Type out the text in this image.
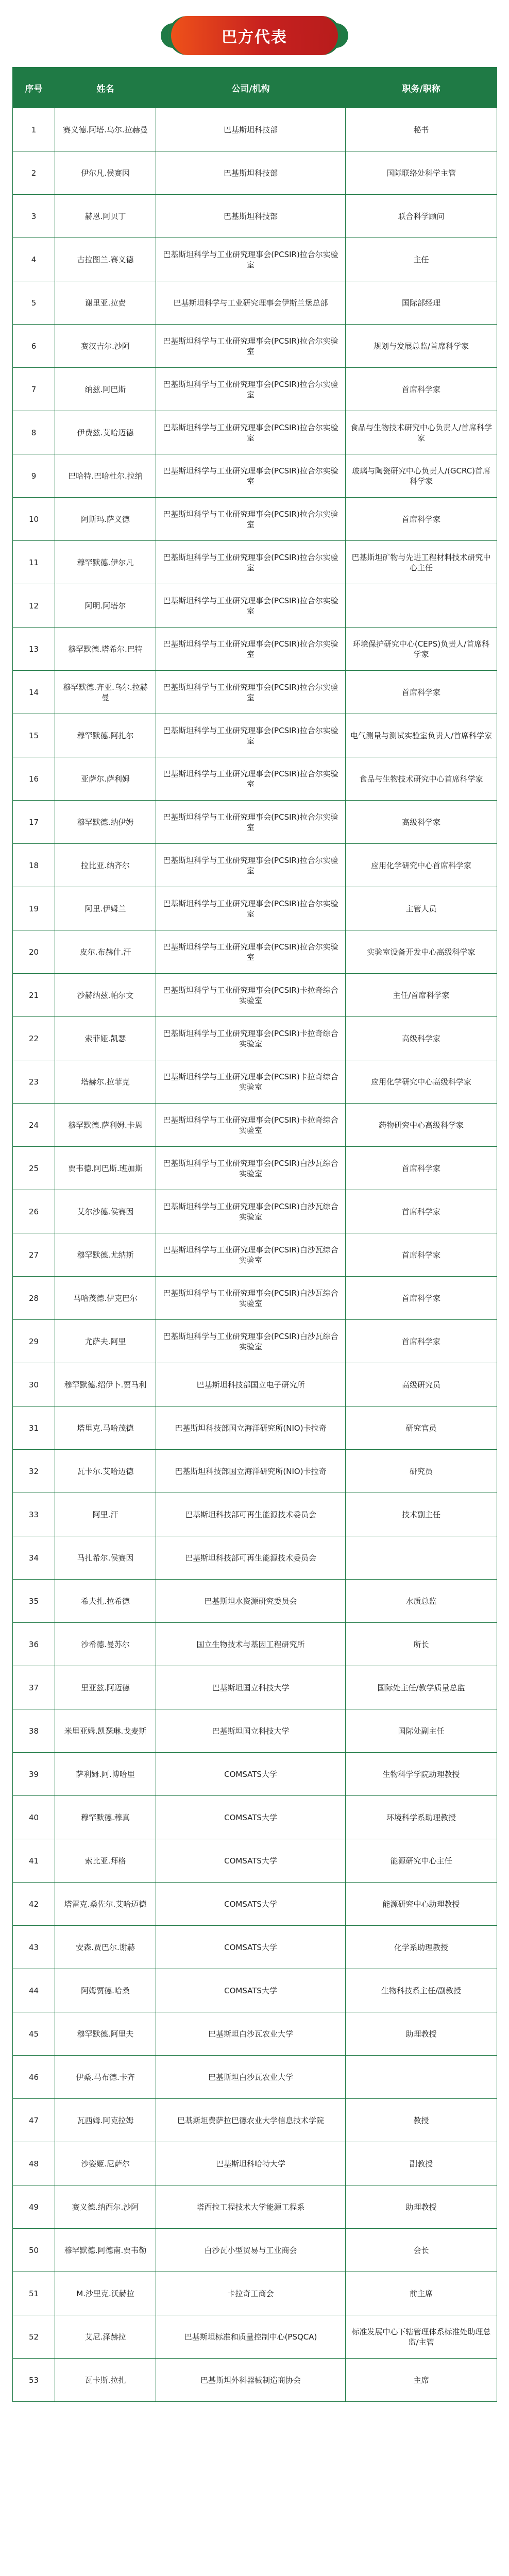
巴方代表
序号	姓名	公司/机构	职务/职称
1	赛义德.阿塔.乌尔.拉赫曼	巴基斯坦科技部	秘书
2	伊尔凡.侯赛因	巴基斯坦科技部	国际联络处科学主管
3	赫恩.阿贝丁	巴基斯坦科技部	联合科学顾问
4	古拉图兰.赛义德	巴基斯坦科学与工业研究理事会(PCSIR)拉合尔实验室	主任
5	谢里亚.拉费	巴基斯坦科学与工业研究理事会伊斯兰堡总部	国际部经理
6	赛汉吉尔.沙阿	巴基斯坦科学与工业研究理事会(PCSIR)拉合尔实验室	规划与发展总监/首席科学家
7	纳兹.阿巴斯	巴基斯坦科学与工业研究理事会(PCSIR)拉合尔实验室	首席科学家
8	伊费兹.艾哈迈德	巴基斯坦科学与工业研究理事会(PCSIR)拉合尔实验室	食品与生物技术研究中心负责人/首席科学家
9	巴哈特.巴哈杜尔.拉纳	巴基斯坦科学与工业研究理事会(PCSIR)拉合尔实验室	玻璃与陶瓷研究中心负责人/(GCRC)首席科学家
10	阿斯玛.萨义德	巴基斯坦科学与工业研究理事会(PCSIR)拉合尔实验室	首席科学家
11	穆罕默德.伊尔凡	巴基斯坦科学与工业研究理事会(PCSIR)拉合尔实验室	巴基斯坦矿物与先进工程材料技术研究中心主任
12	阿明.阿塔尔	巴基斯坦科学与工业研究理事会(PCSIR)拉合尔实验室	
13	穆罕默德.塔希尔.巴特	巴基斯坦科学与工业研究理事会(PCSIR)拉合尔实验室	环境保护研究中心(CEPS)负责人/首席科学家
14	穆罕默德.齐亚.乌尔.拉赫曼	巴基斯坦科学与工业研究理事会(PCSIR)拉合尔实验室	首席科学家
15	穆罕默德.阿扎尔	巴基斯坦科学与工业研究理事会(PCSIR)拉合尔实验室	电气测量与测试实验室负责人/首席科学家
16	亚萨尔.萨利姆	巴基斯坦科学与工业研究理事会(PCSIR)拉合尔实验室	食品与生物技术研究中心首席科学家
17	穆罕默德.纳伊姆	巴基斯坦科学与工业研究理事会(PCSIR)拉合尔实验室	高级科学家
18	拉比亚.纳齐尔	巴基斯坦科学与工业研究理事会(PCSIR)拉合尔实验室	应用化学研究中心首席科学家
19	阿里.伊姆兰	巴基斯坦科学与工业研究理事会(PCSIR)拉合尔实验室	主管人员
20	皮尔.布赫什.汗	巴基斯坦科学与工业研究理事会(PCSIR)拉合尔实验室	实验室设备开发中心高级科学家
21	沙赫纳兹.帕尔文	巴基斯坦科学与工业研究理事会(PCSIR)卡拉奇综合实验室	主任/首席科学家
22	索菲娅.凯瑟	巴基斯坦科学与工业研究理事会(PCSIR)卡拉奇综合实验室	高级科学家
23	塔赫尔.拉菲克	巴基斯坦科学与工业研究理事会(PCSIR)卡拉奇综合实验室	应用化学研究中心高级科学家
24	穆罕默德.萨利姆.卡恩	巴基斯坦科学与工业研究理事会(PCSIR)卡拉奇综合实验室	药物研究中心高级科学家
25	贾韦德.阿巴斯.班加斯	巴基斯坦科学与工业研究理事会(PCSIR)白沙瓦综合实验室	首席科学家
26	艾尔沙德.侯赛因	巴基斯坦科学与工业研究理事会(PCSIR)白沙瓦综合实验室	首席科学家
27	穆罕默德.尤纳斯	巴基斯坦科学与工业研究理事会(PCSIR)白沙瓦综合实验室	首席科学家
28	马哈茂德.伊克巴尔	巴基斯坦科学与工业研究理事会(PCSIR)白沙瓦综合实验室	首席科学家
29	尤萨夫.阿里	巴基斯坦科学与工业研究理事会(PCSIR)白沙瓦综合实验室	首席科学家
30	穆罕默德.绍伊卜.贾马利	巴基斯坦科技部国立电子研究所	高级研究员
31	塔里克.马哈茂德	巴基斯坦科技部国立海洋研究所(NIO)卡拉奇	研究官员
32	瓦卡尔.艾哈迈德	巴基斯坦科技部国立海洋研究所(NIO)卡拉奇	研究员
33	阿里.汗	巴基斯坦科技部可再生能源技术委员会	技术副主任
34	马扎希尔.侯赛因	巴基斯坦科技部可再生能源技术委员会	
35	希夫扎.拉希德	巴基斯坦水资源研究委员会	水质总监
36	沙希德.曼苏尔	国立生物技术与基因工程研究所	所长
37	里亚兹.阿迈德	巴基斯坦国立科技大学	国际处主任/教学质量总监
38	米里亚姆.凯瑟琳.戈麦斯	巴基斯坦国立科技大学	国际处副主任
39	萨利姆.阿.博哈里	COMSATS大学	生物科学学院助理教授
40	穆罕默德.穆真	COMSATS大学	环境科学系助理教授
41	索比亚.拜格	COMSATS大学	能源研究中心主任
42	塔雷克.桑佐尔.艾哈迈德	COMSATS大学	能源研究中心助理教授
43	安森.贾巴尔.谢赫	COMSATS大学	化学系助理教授
44	阿姆贾德.哈桑	COMSATS大学	生物科技系主任/副教授
45	穆罕默德.阿里夫	巴基斯坦白沙瓦农业大学	助理教授
46	伊桑.马布德.卡齐	巴基斯坦白沙瓦农业大学	
47	瓦西姆.阿克拉姆	巴基斯坦费萨拉巴德农业大学信息技术学院	教授
48	沙姿姬.尼萨尔	巴基斯坦科哈特大学	副教授
49	赛义德.纳西尔.沙阿	塔西拉工程技术大学能源工程系	助理教授
50	穆罕默德.阿德南.贾韦勒	白沙瓦小型贸易与工业商会	会长
51	M.沙里克.沃赫拉	卡拉奇工商会	前主席
52	艾尼.泽赫拉	巴基斯坦标准和质量控制中心(PSQCA)	标准发展中心下辖管理体系标准处助理总监/主管
53	瓦卡斯.拉扎	巴基斯坦外科器械制造商协会	主席
